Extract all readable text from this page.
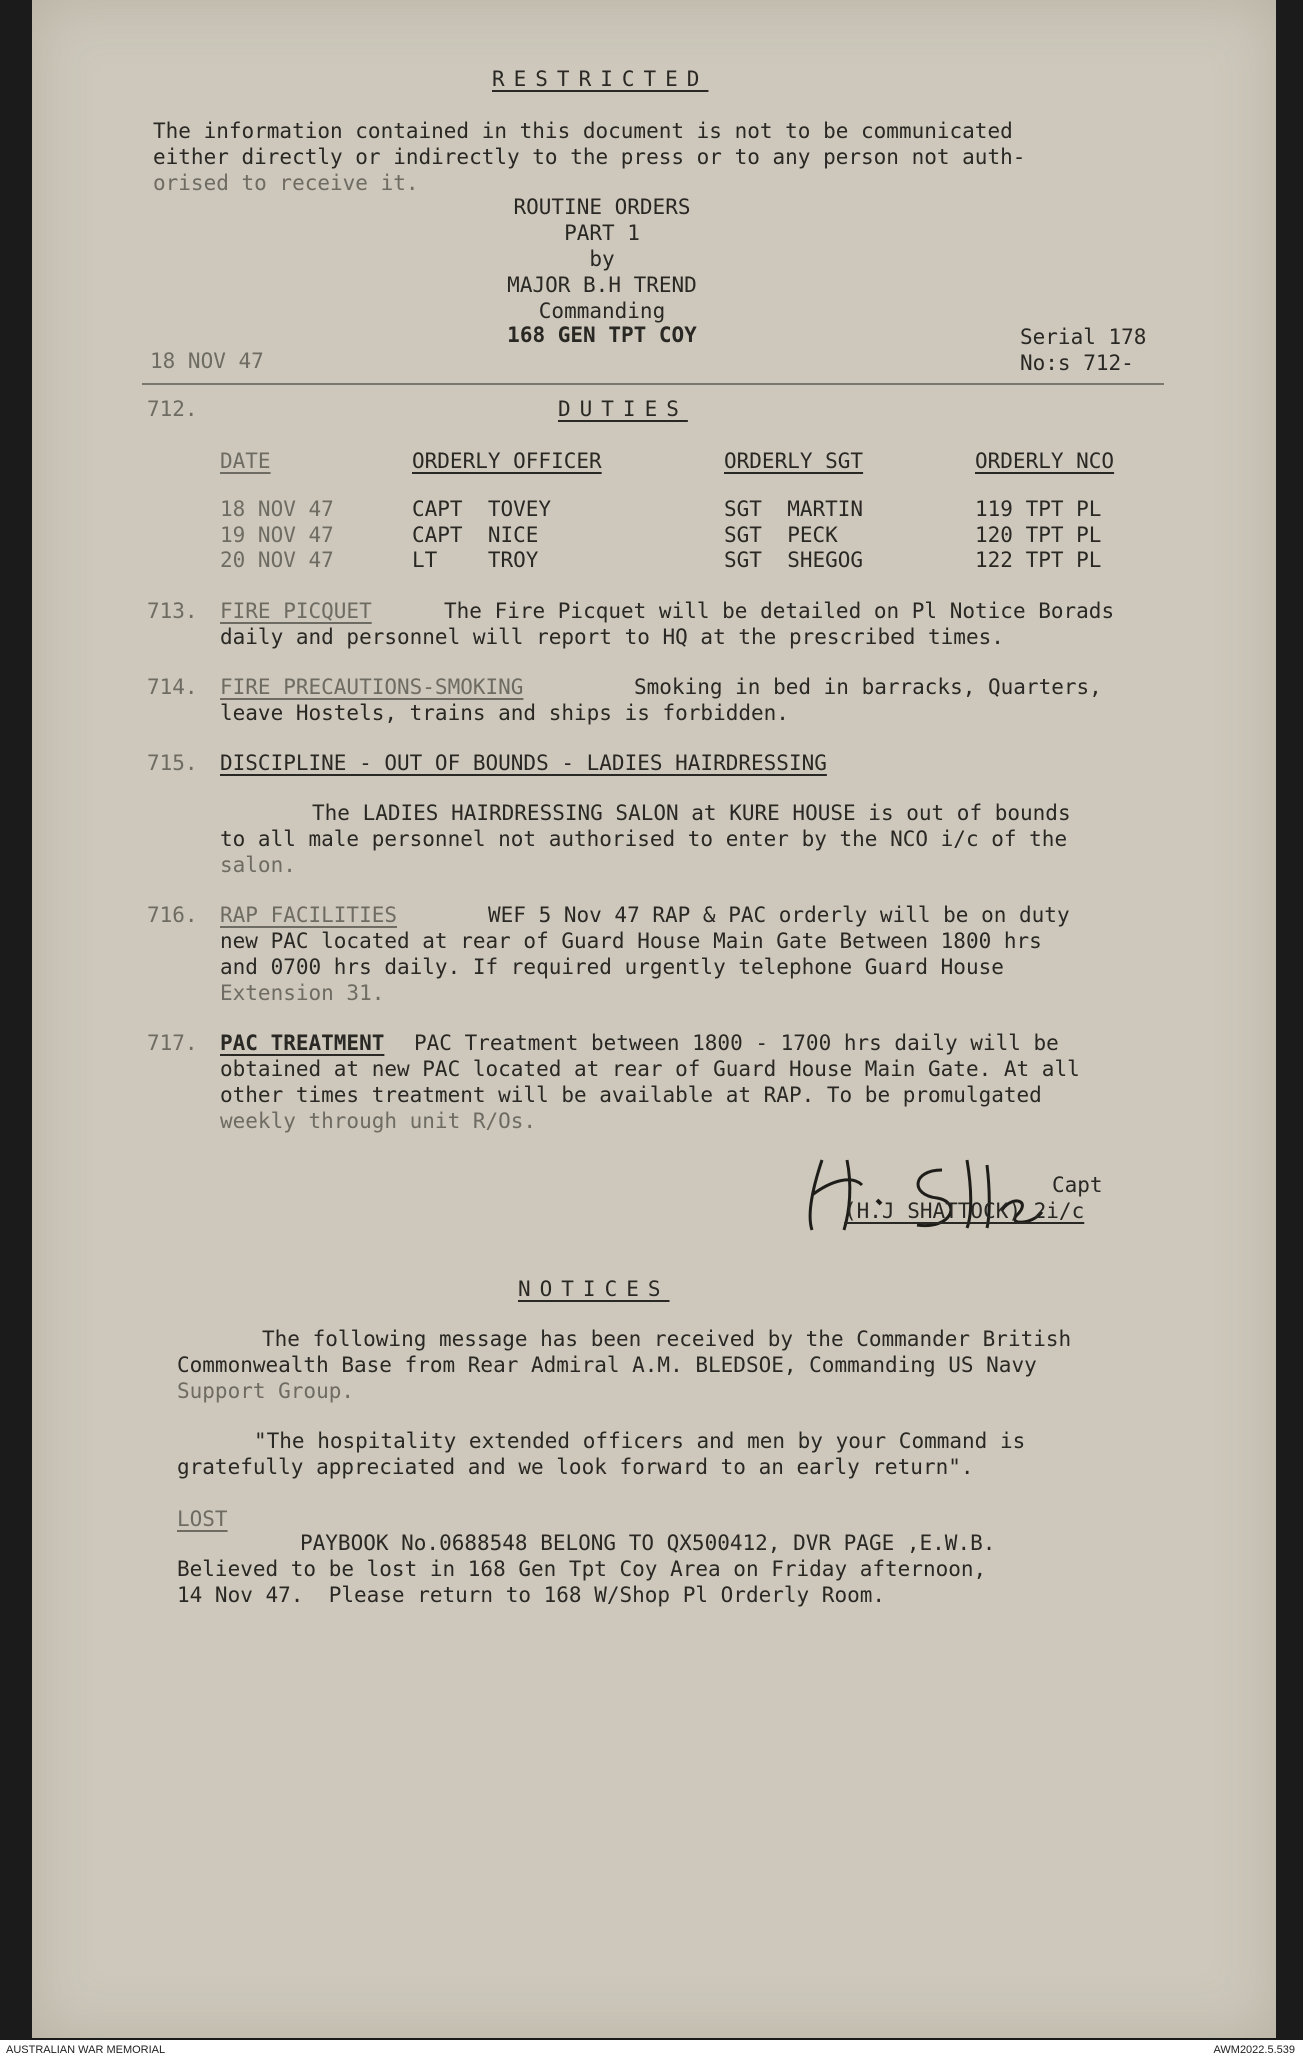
RESTRICTED
The information contained in this document is not to be communicated
either directly or indirectly to the press or to any person not auth-
orised to receive it.
ROUTINE ORDERS
PART 1
by
MAJOR B.H TREND
Commanding
168 GEN TPT COY
18 NOV 47
Serial 178
No:s 712-
712.	DUTIES
DATE	ORDERLY OFFICER	ORDERLY SGT	ORDERLY NCO
18 NOV 47	CAPT  TOVEY	SGT  MARTIN	119 TPT PL
19 NOV 47	CAPT  NICE	SGT  PECK	120 TPT PL
20 NOV 47	LT    TROY	SGT  SHEGOG	122 TPT PL
713. FIRE PICQUET	The Fire Picquet will be detailed on Pl Notice Borads
daily and personnel will report to HQ at the prescribed times.
714. FIRE PRECAUTIONS-SMOKING	Smoking in bed in barracks, Quarters,
leave Hostels, trains and ships is forbidden.
715. DISCIPLINE - OUT OF BOUNDS - LADIES HAIRDRESSING
The LADIES HAIRDRESSING SALON at KURE HOUSE is out of bounds
to all male personnel not authorised to enter by the NCO i/c of the
salon.
716. RAP FACILITIES	WEF 5 Nov 47 RAP & PAC orderly will be on duty
new PAC located at rear of Guard House Main Gate Between 1800 hrs
and 0700 hrs daily. If required urgently telephone Guard House
Extension 31.
717. PAC TREATMENT PAC Treatment between 1800 - 1700 hrs daily will be
obtained at new PAC located at rear of Guard House Main Gate. At all
other times treatment will be available at RAP. To be promulgated
weekly through unit R/Os.
Capt
(H.J SHATTOCK) 2i/c
NOTICES
The following message has been received by the Commander British
Commonwealth Base from Rear Admiral A.M. BLEDSOE, Commanding US Navy
Support Group.
"The hospitality extended officers and men by your Command is
gratefully appreciated and we look forward to an early return".
LOST
PAYBOOK No.0688548 BELONG TO QX500412, DVR PAGE ,E.W.B.
Believed to be lost in 168 Gen Tpt Coy Area on Friday afternoon,
14 Nov 47.  Please return to 168 W/Shop Pl Orderly Room.
AUSTRALIAN WAR MEMORIAL	AWM2022.5.539
